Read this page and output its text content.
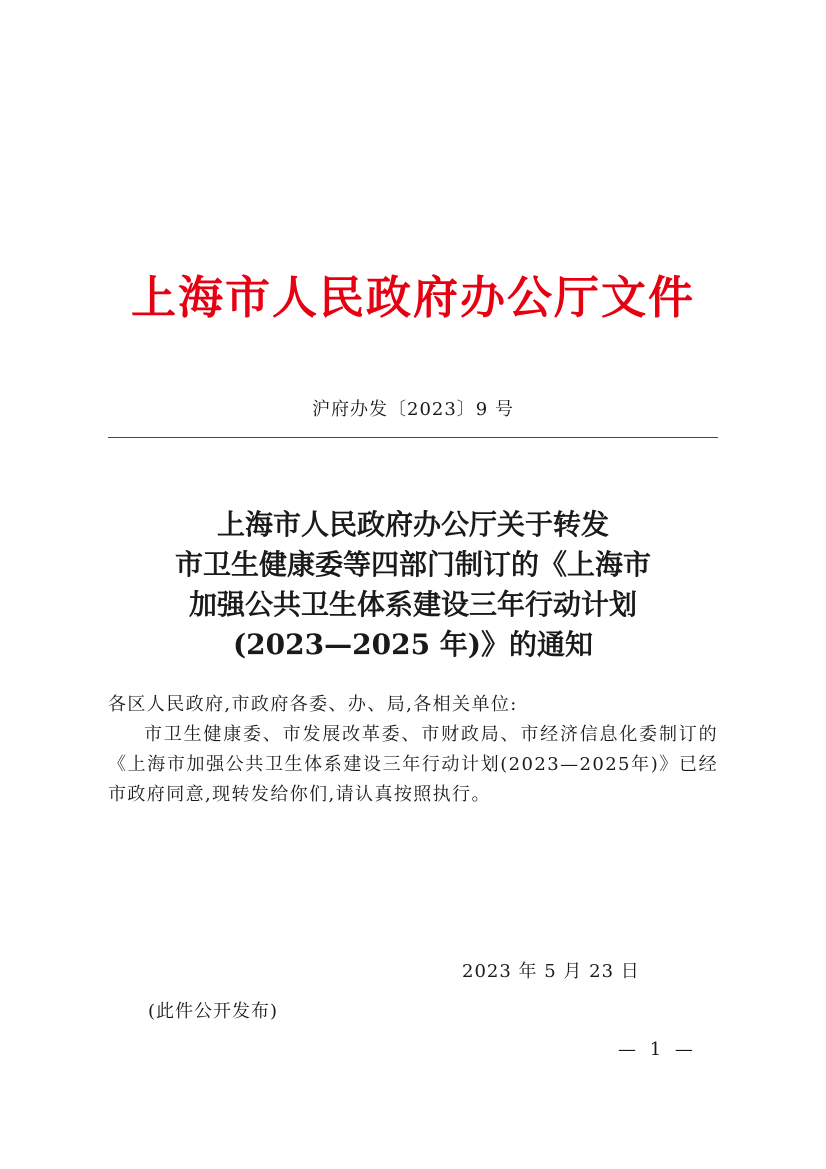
上海市人民政府办公厅文件
沪府办发〔2023〕9 号
上海市人民政府办公厅关于转发
市卫生健康委等四部门制订的《上海市
加强公共卫生体系建设三年行动计划
(2023—2025 年)》的通知

各区人民政府,市政府各委、办、局,各相关单位:

市卫生健康委、市发展改革委、市财政局、市经济信息化委制订的《上海市加强公共卫生体系建设三年行动计划(2023—2025年)》已经市政府同意,现转发给你们,请认真按照执行。

2023 年 5 月 23 日
(此件公开发布)
— 1 —
